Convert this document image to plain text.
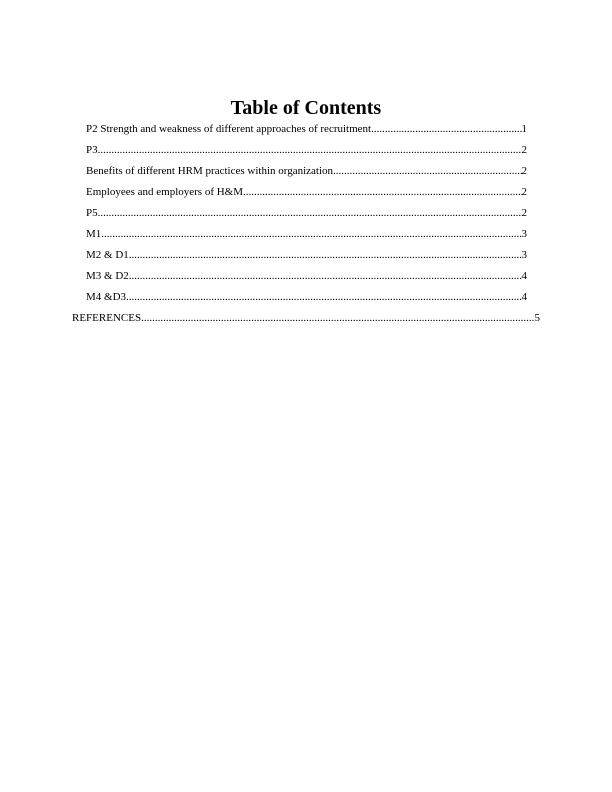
Table of Contents
P2 Strength and weakness of different approaches of recruitment .....	1
P3 .....	2
Benefits of different HRM practices within organization .....	2
Employees and employers of H&M .....	2
P5 .....	2
M1 .....	3
M2 & D1 .....	3
M3 & D2 .....	4
M4 &D3 .....	4
REFERENCES .....	5
